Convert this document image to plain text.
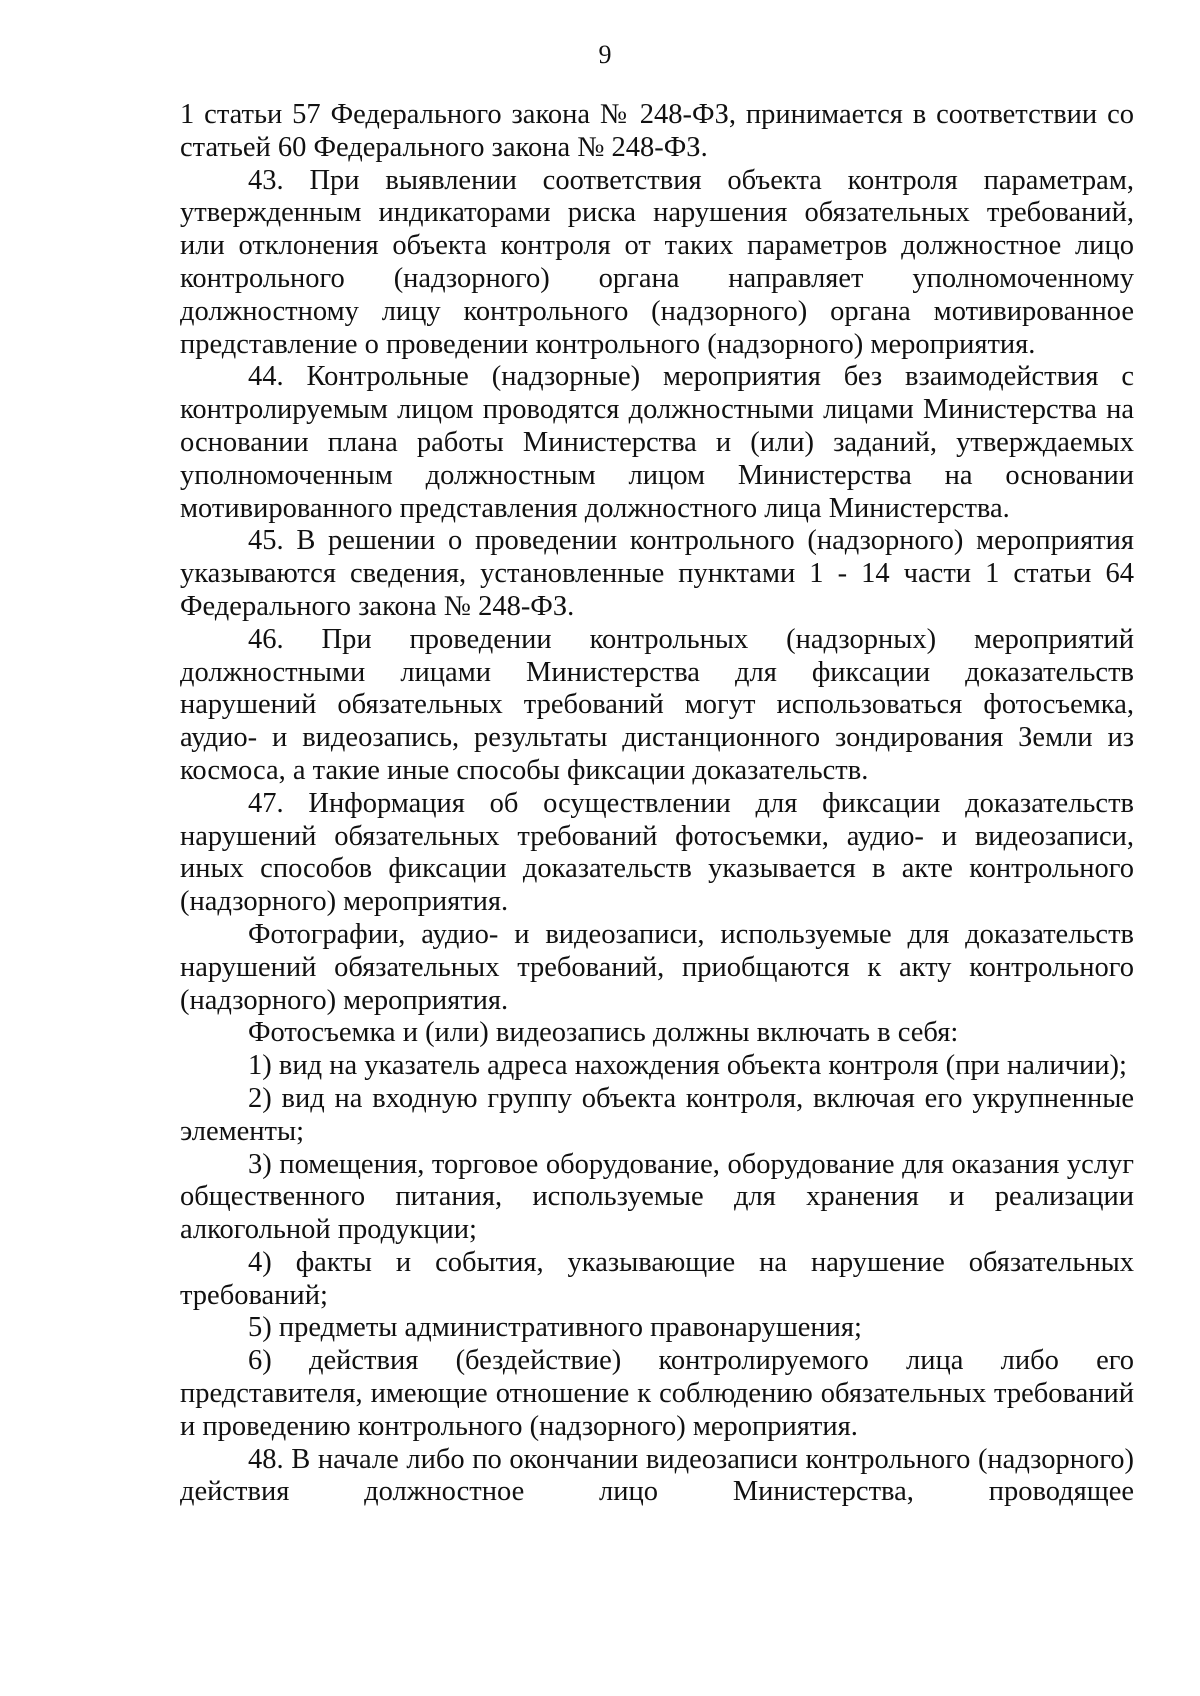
9

1 статьи 57 Федерального закона № 248-ФЗ, принимается в соответствии со статьей 60 Федерального закона № 248-ФЗ.

43. При выявлении соответствия объекта контроля параметрам, утвержденным индикаторами риска нарушения обязательных требований, или отклонения объекта контроля от таких параметров должностное лицо контрольного (надзорного) органа направляет уполномоченному должностному лицу контрольного (надзорного) органа мотивированное представление о проведении контрольного (надзорного) мероприятия.

44. Контрольные (надзорные) мероприятия без взаимодействия с контролируемым лицом проводятся должностными лицами Министерства на основании плана работы Министерства и (или) заданий, утверждаемых уполномоченным должностным лицом Министерства на основании мотивированного представления должностного лица Министерства.

45. В решении о проведении контрольного (надзорного) мероприятия указываются сведения, установленные пунктами 1 - 14 части 1 статьи 64 Федерального закона № 248-ФЗ.

46. При проведении контрольных (надзорных) мероприятий должностными лицами Министерства для фиксации доказательств нарушений обязательных требований могут использоваться фотосъемка, аудио- и видеозапись, результаты дистанционного зондирования Земли из космоса, а такие иные способы фиксации доказательств.

47. Информация об осуществлении для фиксации доказательств нарушений обязательных требований фотосъемки, аудио- и видеозаписи, иных способов фиксации доказательств указывается в акте контрольного (надзорного) мероприятия.

Фотографии, аудио- и видеозаписи, используемые для доказательств нарушений обязательных требований, приобщаются к акту контрольного (надзорного) мероприятия.

Фотосъемка и (или) видеозапись должны включать в себя:

1) вид на указатель адреса нахождения объекта контроля (при наличии);

2) вид на входную группу объекта контроля, включая его укрупненные элементы;

3) помещения, торговое оборудование, оборудование для оказания услуг общественного питания, используемые для хранения и реализации алкогольной продукции;

4) факты и события, указывающие на нарушение обязательных требований;

5) предметы административного правонарушения;

6) действия (бездействие) контролируемого лица либо его представителя, имеющие отношение к соблюдению обязательных требований и проведению контрольного (надзорного) мероприятия.

48. В начале либо по окончании видеозаписи контрольного (надзорного) действия должностное лицо Министерства, проводящее
